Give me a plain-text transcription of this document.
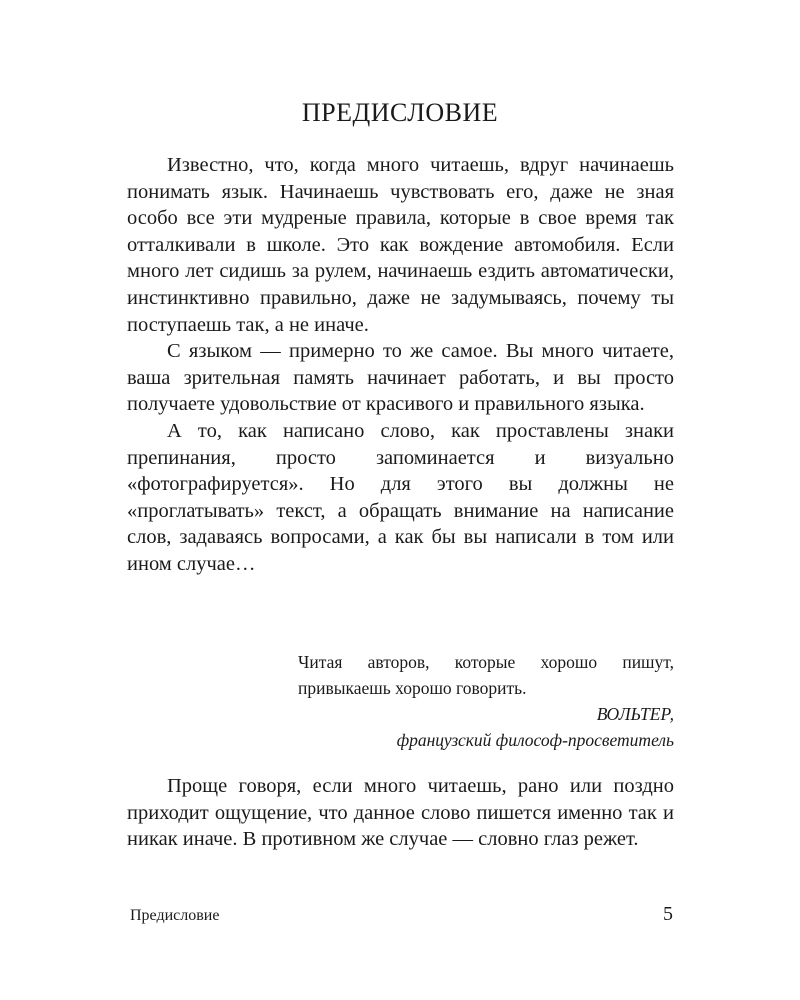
ПРЕДИСЛОВИЕ

Известно, что, когда много читаешь, вдруг начинаешь понимать язык. Начинаешь чувствовать его, даже не зная особо все эти мудреные правила, которые в свое время так отталкивали в школе. Это как вождение автомобиля. Если много лет сидишь за рулем, начинаешь ездить автоматически, инстинктивно правильно, даже не задумываясь, почему ты поступаешь так, а не иначе.

С языком — примерно то же самое. Вы много читаете, ваша зрительная память начинает работать, и вы просто получаете удовольствие от красивого и правильного языка.

А то, как написано слово, как проставлены знаки препинания, просто запоминается и визуально «фотографируется». Но для этого вы должны не «проглатывать» текст, а обращать внимание на написание слов, задаваясь вопросами, а как бы вы написали в том или ином случае…

Читая авторов, которые хорошо пишут, привыкаешь хорошо говорить.

ВОЛЬТЕР,

французский философ-просветитель

Проще говоря, если много читаешь, рано или поздно приходит ощущение, что данное слово пишется именно так и никак иначе. В противном же случае — словно глаз режет.

Предисловие	5
